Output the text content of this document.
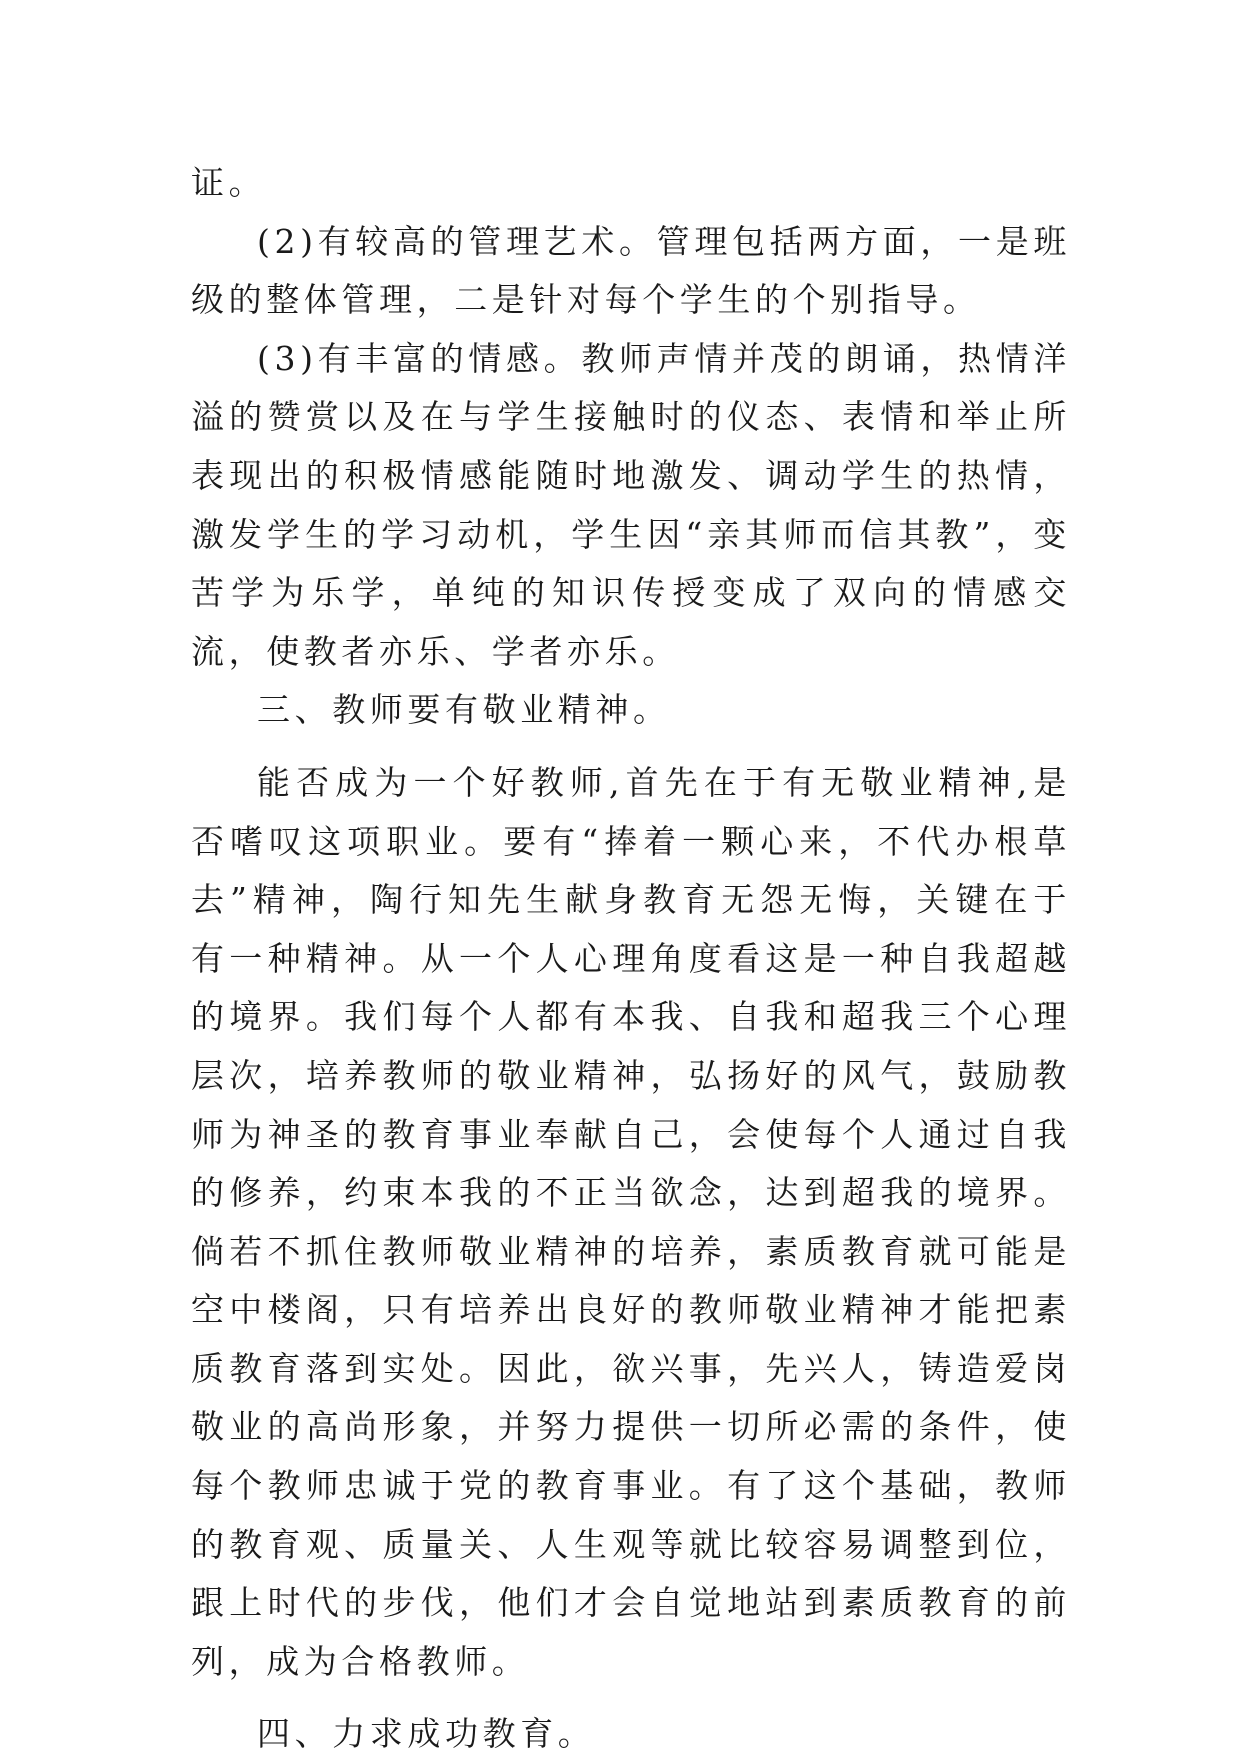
证。

(2)有较高的管理艺术。管理包括两方面，一是班级的整体管理，二是针对每个学生的个别指导。

(3)有丰富的情感。教师声情并茂的朗诵，热情洋溢的赞赏以及在与学生接触时的仪态、表情和举止所表现出的积极情感能随时地激发、调动学生的热情，激发学生的学习动机，学生因“亲其师而信其教”，变苦学为乐学，单纯的知识传授变成了双向的情感交流，使教者亦乐、学者亦乐。

三、教师要有敬业精神。

能否成为一个好教师,首先在于有无敬业精神,是否嗜叹这项职业。要有“捧着一颗心来，不代办根草去”精神，陶行知先生献身教育无怨无悔，关键在于有一种精神。从一个人心理角度看这是一种自我超越的境界。我们每个人都有本我、自我和超我三个心理层次，培养教师的敬业精神，弘扬好的风气，鼓励教师为神圣的教育事业奉献自己，会使每个人通过自我的修养，约束本我的不正当欲念，达到超我的境界。倘若不抓住教师敬业精神的培养，素质教育就可能是空中楼阁，只有培养出良好的教师敬业精神才能把素质教育落到实处。因此，欲兴事，先兴人，铸造爱岗敬业的高尚形象，并努力提供一切所必需的条件，使每个教师忠诚于党的教育事业。有了这个基础，教师的教育观、质量关、人生观等就比较容易调整到位，跟上时代的步伐，他们才会自觉地站到素质教育的前列，成为合格教师。

四、力求成功教育。
